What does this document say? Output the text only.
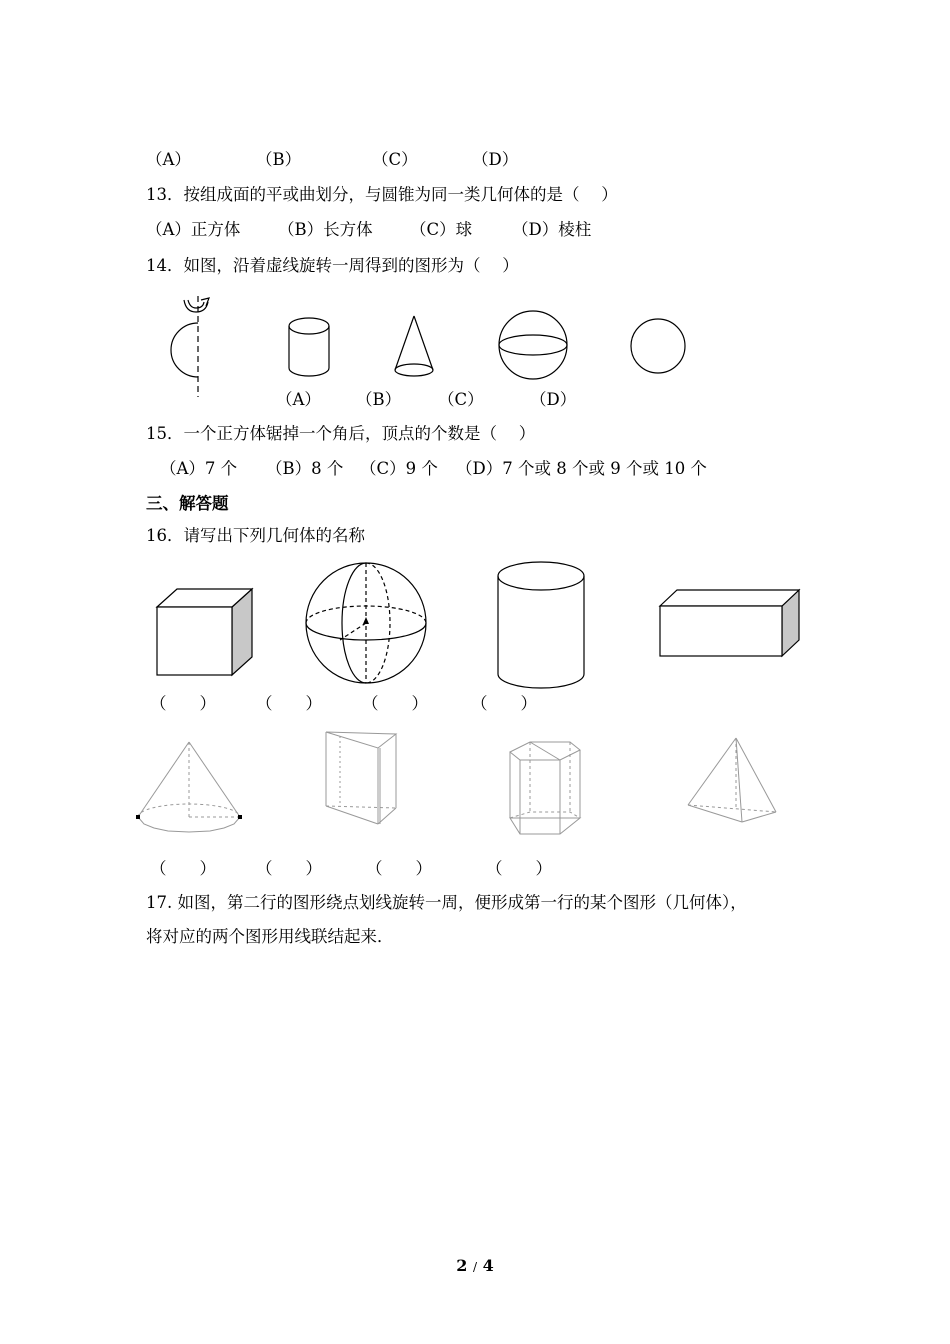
（A）	（B）	（C）	（D）
13．按组成面的平或曲划分，与圆锥为同一类几何体的是（　 ）
（A）正方体 （B）长方体 （C）球 （D）棱柱
14．如图，沿着虚线旋转一周得到的图形为（　 ）
（A） （B） （C）	（D）
15．一个正方体锯掉一个角后，顶点的个数是（　 ）
（A）7 个 （B）8 个 （C）9 个 （D）7 个或 8 个或 9 个或 10 个
三、解答题
16．请写出下列几何体的名称
（　　） （　　） （　　）	（　　）
（　　） （　　）	（　　）	（　　）
17. 如图，第二行的图形绕点划线旋转一周，便形成第一行的某个图形（几何体），
将对应的两个图形用线联结起来．
2 / 4
